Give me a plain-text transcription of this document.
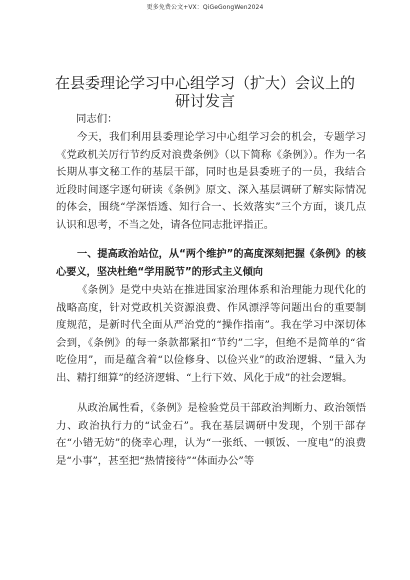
更多免费公文+VX：QiGeGongWen2024
在县委理论学习中心组学习（扩大）会议上的
研讨发言

同志们：

今天，我们利用县委理论学习中心组学习会的机会，专题学习《党政机关厉行节约反对浪费条例》（以下简称《条例》）。作为一名长期从事文秘工作的基层干部，同时也是县委班子的一员，我结合近段时间逐字逐句研读《条例》原文、深入基层调研了解实际情况的体会，围绕“学深悟透、知行合一、长效落实”三个方面，谈几点认识和思考，不当之处，请各位同志批评指正。

一、提高政治站位，从“两个维护”的高度深刻把握《条例》的核心要义，坚决杜绝“学用脱节”的形式主义倾向

《条例》是党中央站在推进国家治理体系和治理能力现代化的战略高度，针对党政机关资源浪费、作风漂浮等问题出台的重要制度规范，是新时代全面从严治党的“操作指南”。我在学习中深切体会到，《条例》的每一条款都紧扣“节约”二字，但绝不是简单的“省吃俭用”，而是蕴含着“以俭修身、以俭兴业”的政治逻辑、“量入为出、精打细算”的经济逻辑、“上行下效、风化于成”的社会逻辑。

从政治属性看，《条例》是检验党员干部政治判断力、政治领悟力、政治执行力的“试金石”。我在基层调研中发现，个别干部存在“小错无妨”的侥幸心理，认为“一张纸、一顿饭、一度电”的浪费是“小事”，甚至把“热情接待”“体面办公”等
